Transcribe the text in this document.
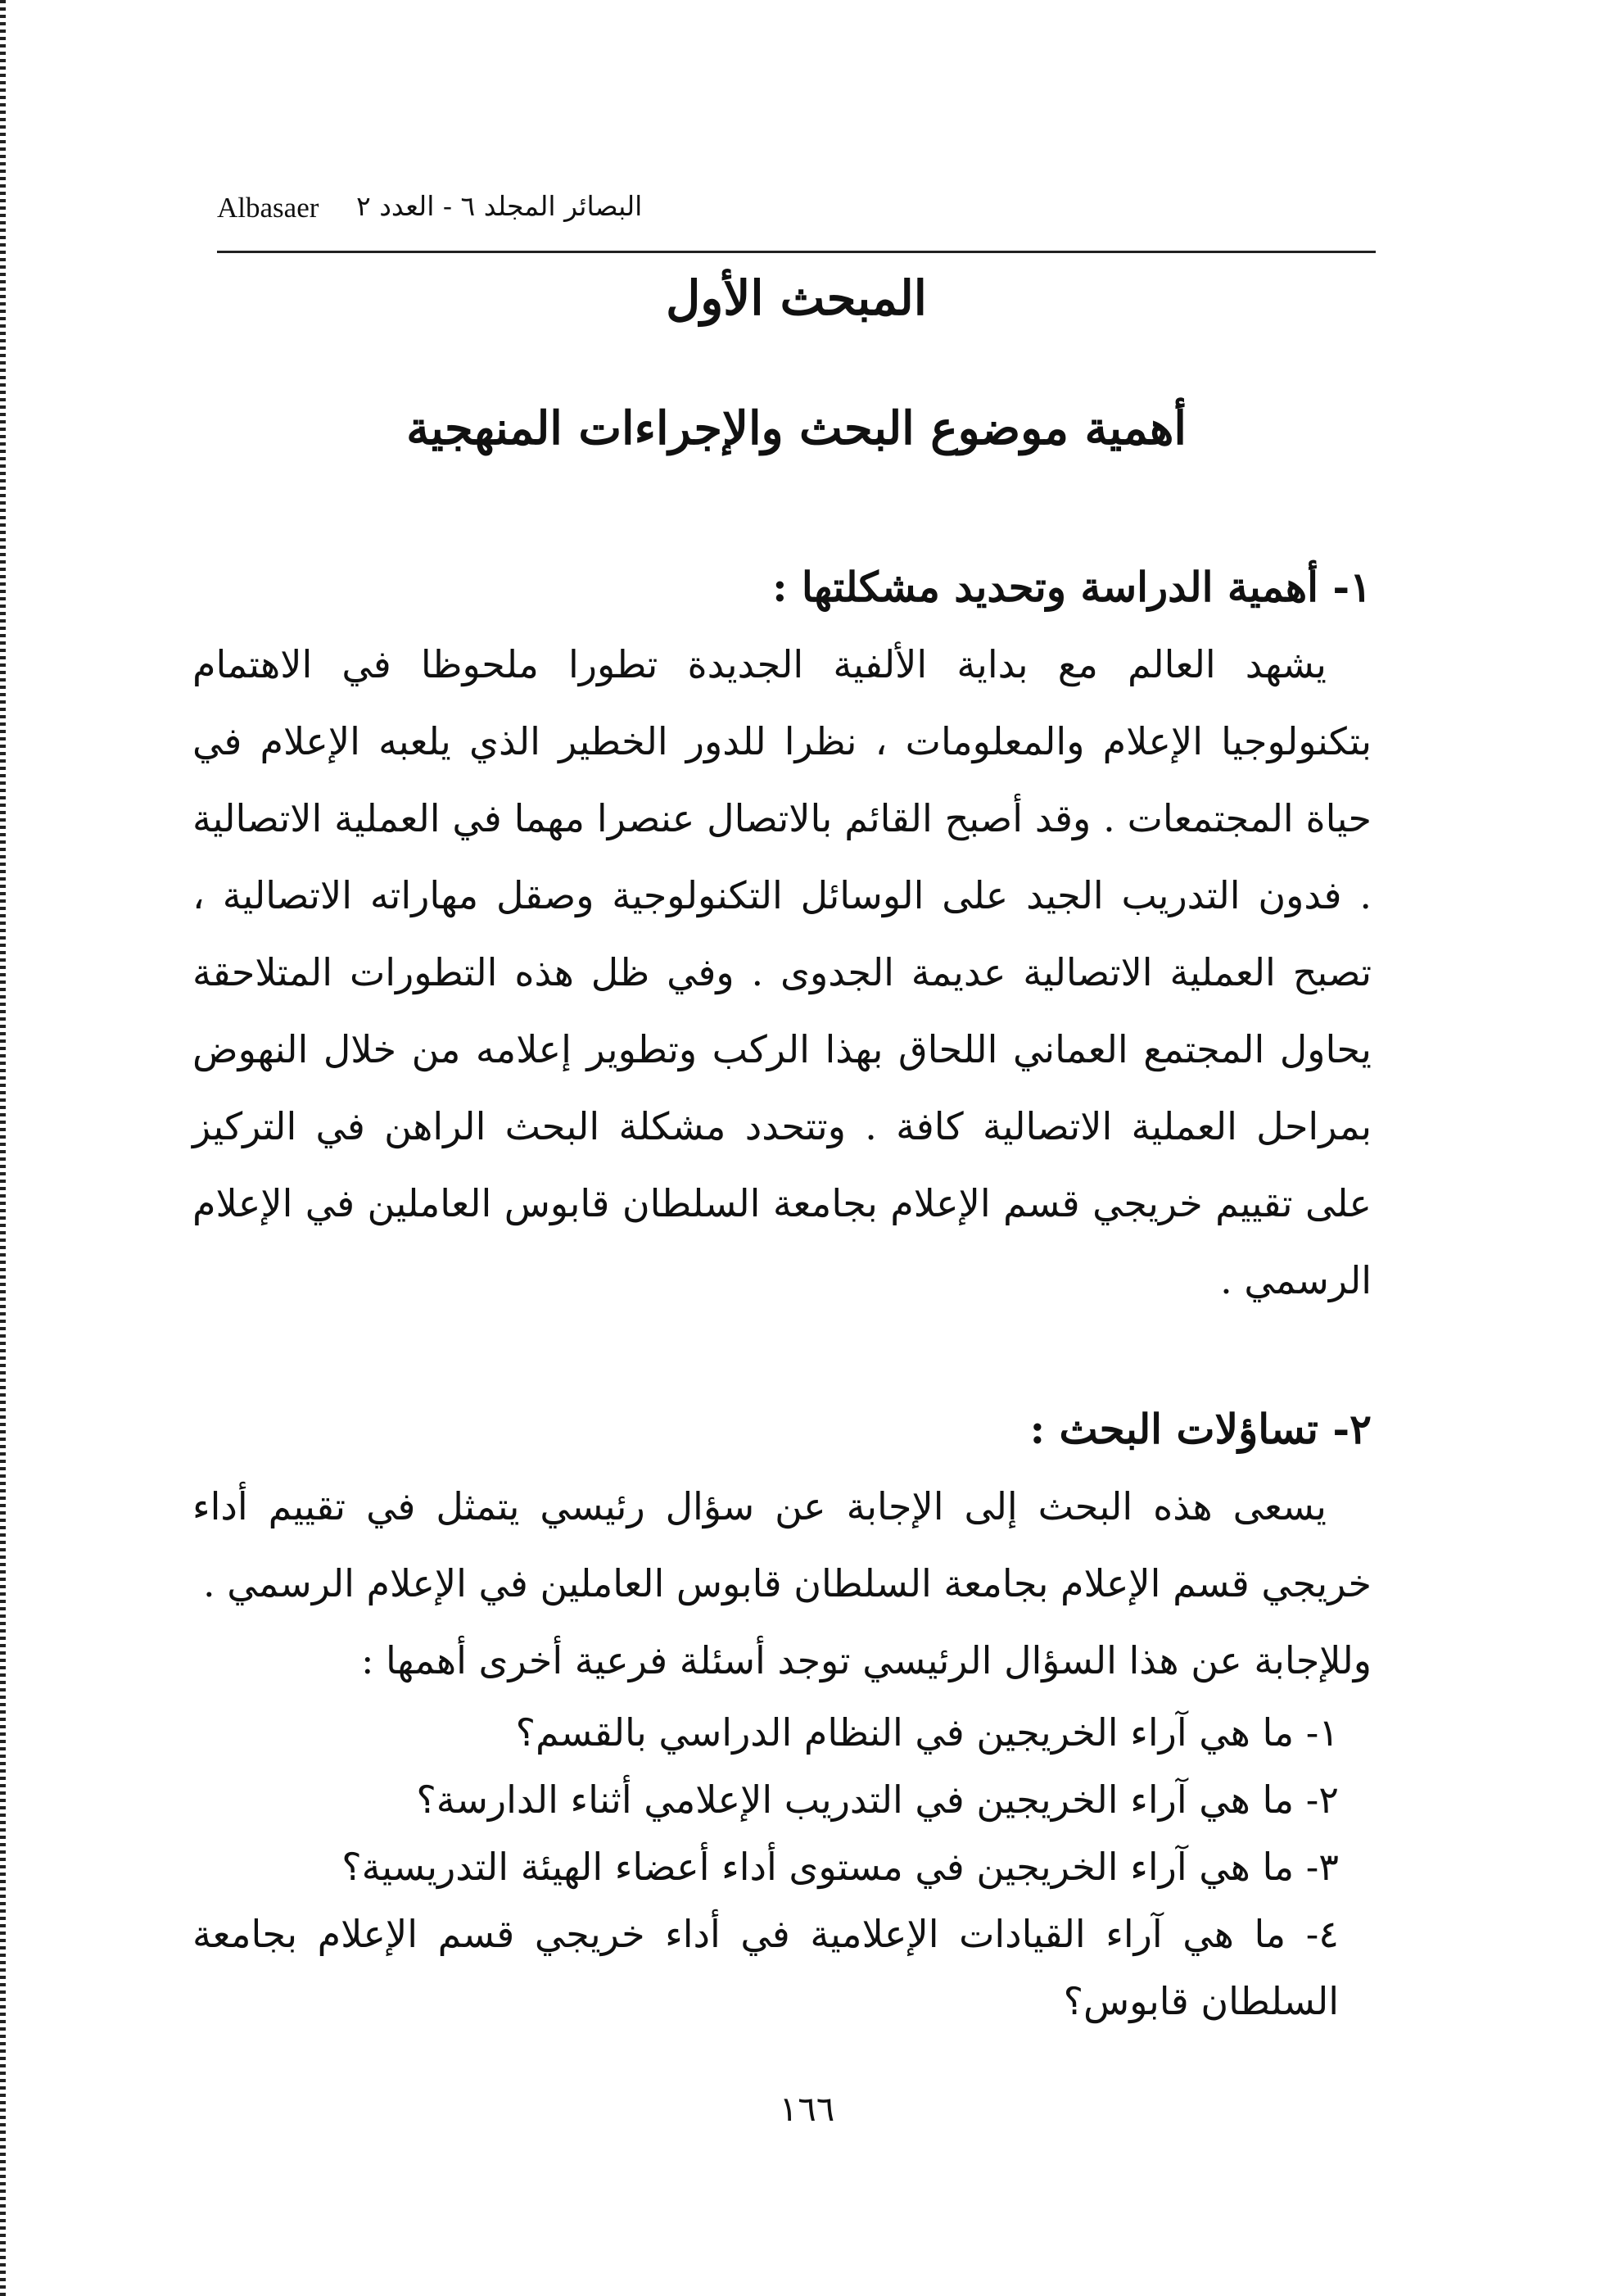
Albasaer البصائر المجلد ٦ - العدد ٢
المبحث الأول
أهمية موضوع البحث والإجراءات المنهجية
١- أهمية الدراسة وتحديد مشكلتها :

يشهد العالم مع بداية الألفية الجديدة تطورا ملحوظا في الاهتمام بتكنولوجيا الإعلام والمعلومات ، نظرا للدور الخطير الذي يلعبه الإعلام في حياة المجتمعات . وقد أصبح القائم بالاتصال عنصرا مهما في العملية الاتصالية . فدون التدريب الجيد على الوسائل التكنولوجية وصقل مهاراته الاتصالية ، تصبح العملية الاتصالية عديمة الجدوى . وفي ظل هذه التطورات المتلاحقة يحاول المجتمع العماني اللحاق بهذا الركب وتطوير إعلامه من خلال النهوض بمراحل العملية الاتصالية كافة . وتتحدد مشكلة البحث الراهن في التركيز على تقييم خريجي قسم الإعلام بجامعة السلطان قابوس العاملين في الإعلام الرسمي .

٢- تساؤلات البحث :

يسعى هذه البحث إلى الإجابة عن سؤال رئيسي يتمثل في تقييم أداء خريجي قسم الإعلام بجامعة السلطان قابوس العاملين في الإعلام الرسمي .

وللإجابة عن هذا السؤال الرئيسي توجد أسئلة فرعية أخرى أهمها :

١- ما هي آراء الخريجين في النظام الدراسي بالقسم؟
٢- ما هي آراء الخريجين في التدريب الإعلامي أثناء الدارسة؟
٣- ما هي آراء الخريجين في مستوى أداء أعضاء الهيئة التدريسية؟
٤- ما هي آراء القيادات الإعلامية في أداء خريجي قسم الإعلام بجامعة السلطان قابوس؟
١٦٦
